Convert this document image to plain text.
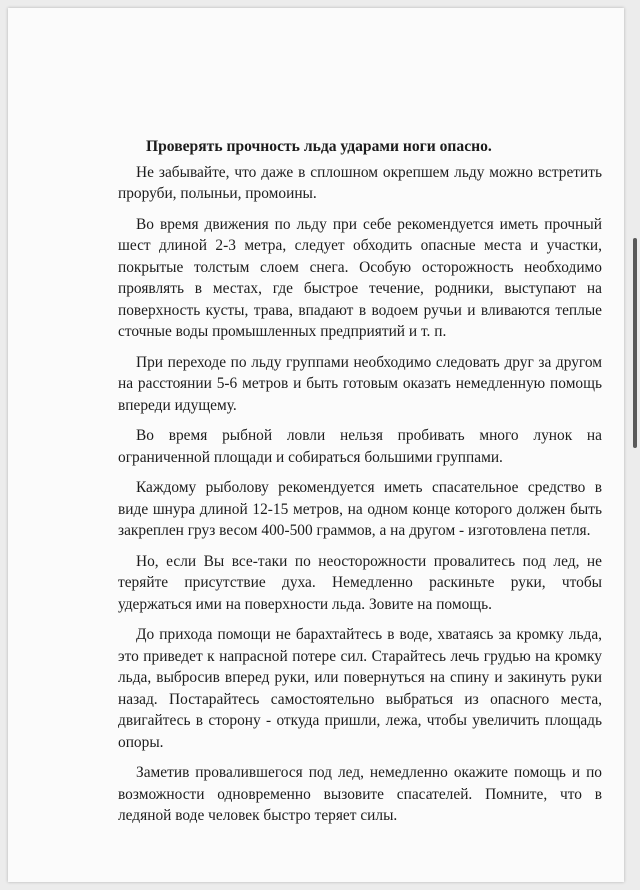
Проверять прочность льда ударами ноги опасно.

Не забывайте, что даже в сплошном окрепшем льду можно встретить проруби, полыньи, промоины.

Во время движения по льду при себе рекомендуется иметь прочный шест длиной 2-3 метра, следует обходить опасные места и участки, покрытые толстым слоем снега. Особую осторожность необходимо проявлять в местах, где быстрое течение, родники, выступают на поверхность кусты, трава, впадают в водоем ручьи и вливаются теплые сточные воды промышленных предприятий и т. п.

При переходе по льду группами необходимо следовать друг за другом на расстоянии 5-6 метров и быть готовым оказать немедленную помощь впереди идущему.

Во время рыбной ловли нельзя пробивать много лунок на ограниченной площади и собираться большими группами.

Каждому рыболову рекомендуется иметь спасательное средство в виде шнура длиной 12-15 метров, на одном конце которого должен быть закреплен груз весом 400-500 граммов, а на другом - изготовлена петля.

Но, если Вы все-таки по неосторожности провалитесь под лед, не теряйте присутствие духа. Немедленно раскиньте руки, чтобы удержаться ими на поверхности льда. Зовите на помощь.

До прихода помощи не барахтайтесь в воде, хватаясь за кромку льда, это приведет к напрасной потере сил. Старайтесь лечь грудью на кромку льда, выбросив вперед руки, или повернуться на спину и закинуть руки назад. Постарайтесь самостоятельно выбраться из опасного места, двигайтесь в сторону - откуда пришли, лежа, чтобы увеличить площадь опоры.

Заметив провалившегося под лед, немедленно окажите помощь и по возможности одновременно вызовите спасателей. Помните, что в ледяной воде человек быстро теряет силы.
